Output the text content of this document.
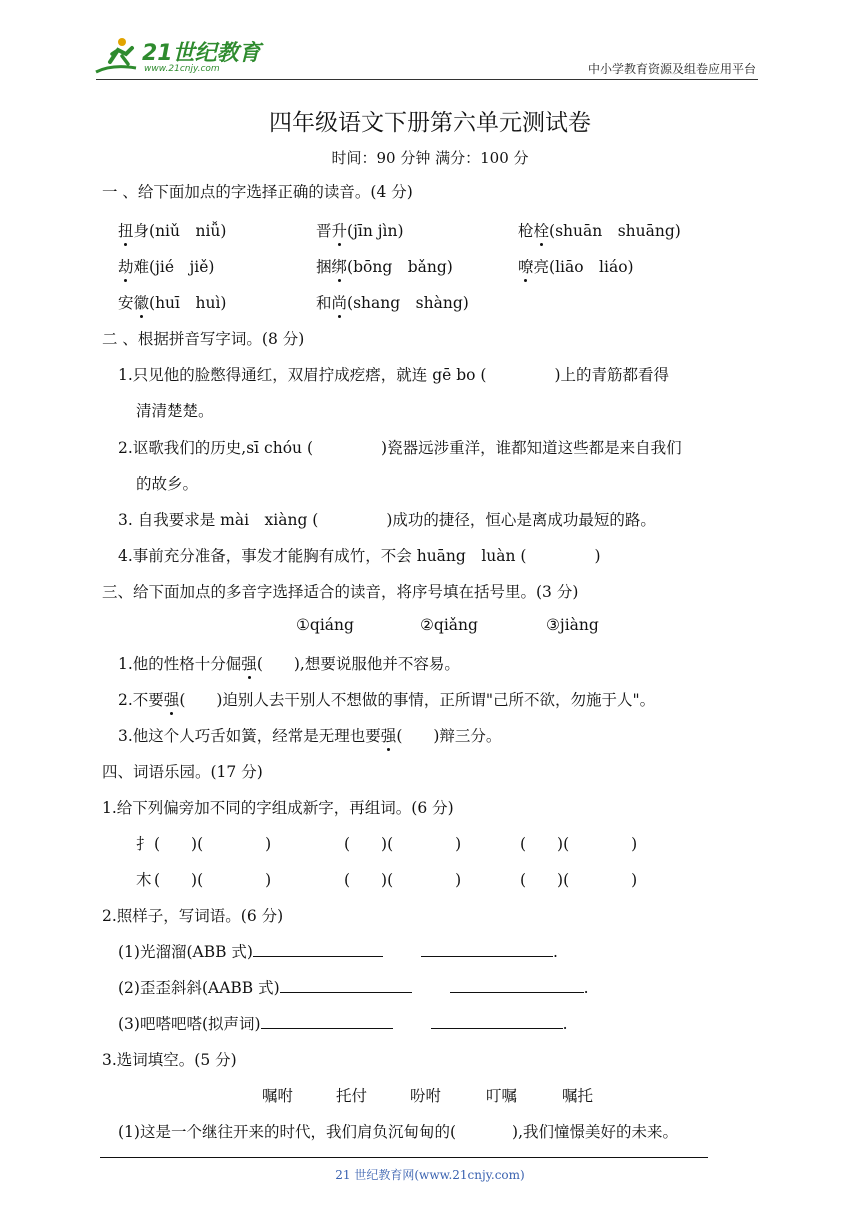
21世纪教育
www.21cnjy.com	中小学教育资源及组卷应用平台
四年级语文下册第六单元测试卷
时间：90 分钟 满分：100 分
一 、给下面加点的字选择正确的读音。(4 分)
扭身(niǔ　niǚ)	晋升(jīn jìn)	枪栓(shuān　shuāng)
劫难(jié　jiě)	捆绑(bōng　bǎng)	嘹亮(liāo　liáo)
安徽(huī　huì)	和尚(shang　shàng)
二 、根据拼音写字词。(8 分)
1.只见他的脸憋得通红，双眉拧成疙瘩，就连 gē bo (	)上的青筋都看得
清清楚楚。
2.讴歌我们的历史,sī chóu (	)瓷器远涉重洋，谁都知道这些都是来自我们
的故乡。
3. 自我要求是 mài　xiàng (	)成功的捷径，恒心是离成功最短的路。
4.事前充分准备，事发才能胸有成竹，不会 huāng　luàn (	)
三、给下面加点的多音字选择适合的读音，将序号填在括号里。(3 分)
①qiáng	②qiǎng	③jiàng
1.他的性格十分倔强(　　),想要说服他并不容易。
2.不要强(　　)迫别人去干别人不想做的事情，正所谓"己所不欲，勿施于人"。
3.他这个人巧舌如簧，经常是无理也要强(　　)辩三分。
四、词语乐园。(17 分)
1.给下列偏旁加不同的字组成新字，再组词。(6 分)
扌 (　　)(　　　　)	(　　)(　　　　)	(　　)(　　　　)
木 (　　)(　　　　)	(　　)(　　　　)	(　　)(　　　　)
2.照样子，写词语。(6 分)
(1)光溜溜(ABB 式)	.
(2)歪歪斜斜(AABB 式)	.
(3)吧嗒吧嗒(拟声词)	.
3.选词填空。(5 分)
嘱咐	托付	吩咐	叮嘱	嘱托
(1)这是一个继往开来的时代，我们肩负沉甸甸的(	),我们憧憬美好的未来。
21 世纪教育网(www.21cnjy.com)
